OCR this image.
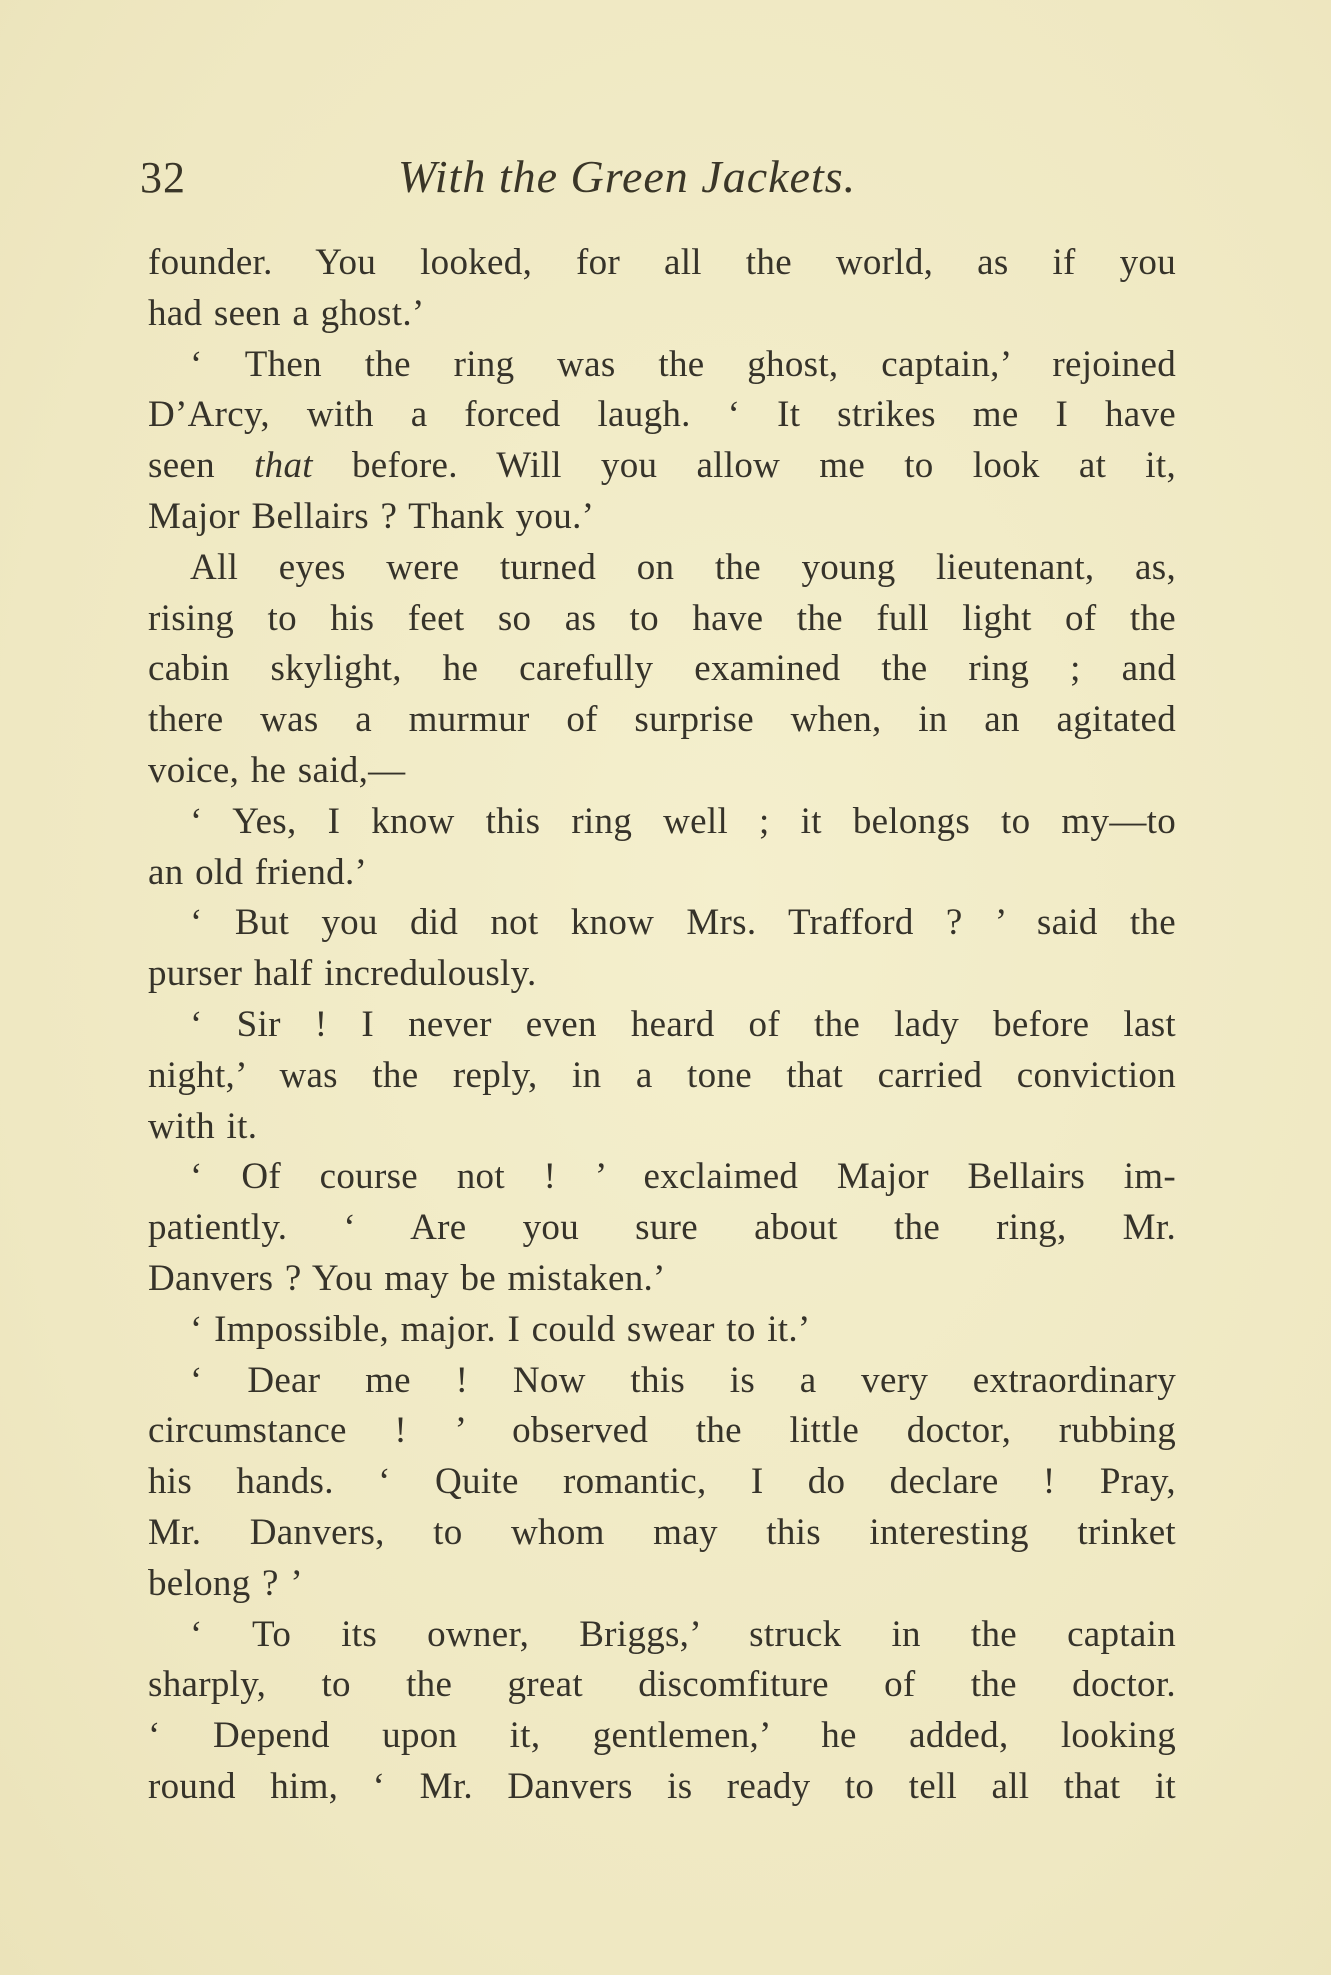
32	With the Green Jackets.
founder. You looked, for all the world, as if you
had seen a ghost.’
‘ Then the ring was the ghost, captain,’ rejoined
D’Arcy, with a forced laugh. ‘ It strikes me I have
seen that before. Will you allow me to look at it,
Major Bellairs ? Thank you.’
All eyes were turned on the young lieutenant, as,
rising to his feet so as to have the full light of the
cabin skylight, he carefully examined the ring ; and
there was a murmur of surprise when, in an agitated
voice, he said,—
‘ Yes, I know this ring well ; it belongs to my—to
an old friend.’
‘ But you did not know Mrs. Trafford ? ’ said the
purser half incredulously.
‘ Sir ! I never even heard of the lady before last
night,’ was the reply, in a tone that carried conviction
with it.
‘ Of course not ! ’ exclaimed Major Bellairs im-
patiently. ‘ Are you sure about the ring, Mr.
Danvers ? You may be mistaken.’
‘ Impossible, major. I could swear to it.’
‘ Dear me ! Now this is a very extraordinary
circumstance ! ’ observed the little doctor, rubbing
his hands. ‘ Quite romantic, I do declare ! Pray,
Mr. Danvers, to whom may this interesting trinket
belong ? ’
‘ To its owner, Briggs,’ struck in the captain
sharply, to the great discomfiture of the doctor.
‘ Depend upon it, gentlemen,’ he added, looking
round him, ‘ Mr. Danvers is ready to tell all that it
